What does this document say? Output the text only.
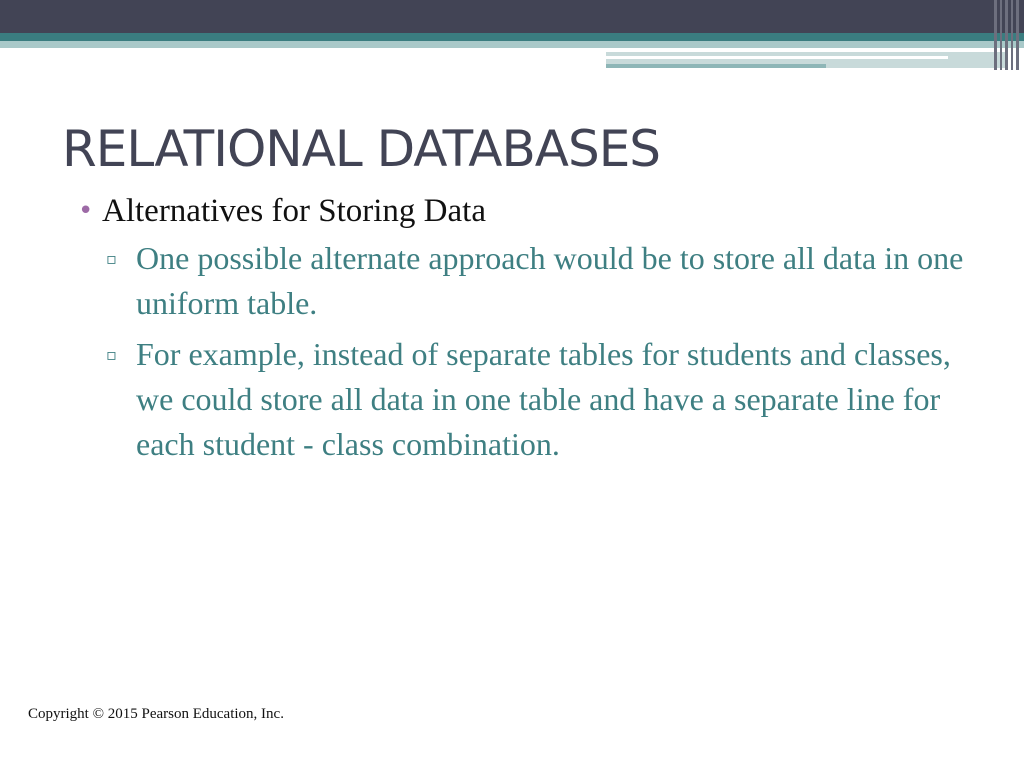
RELATIONAL DATABASES
• Alternatives for Storing Data
▫ One possible alternate approach would be to store all data in one uniform table.
▫ For example, instead of separate tables for students and classes, we could store all data in one table and have a separate line for each student - class combination.
Copyright © 2015 Pearson Education, Inc.
